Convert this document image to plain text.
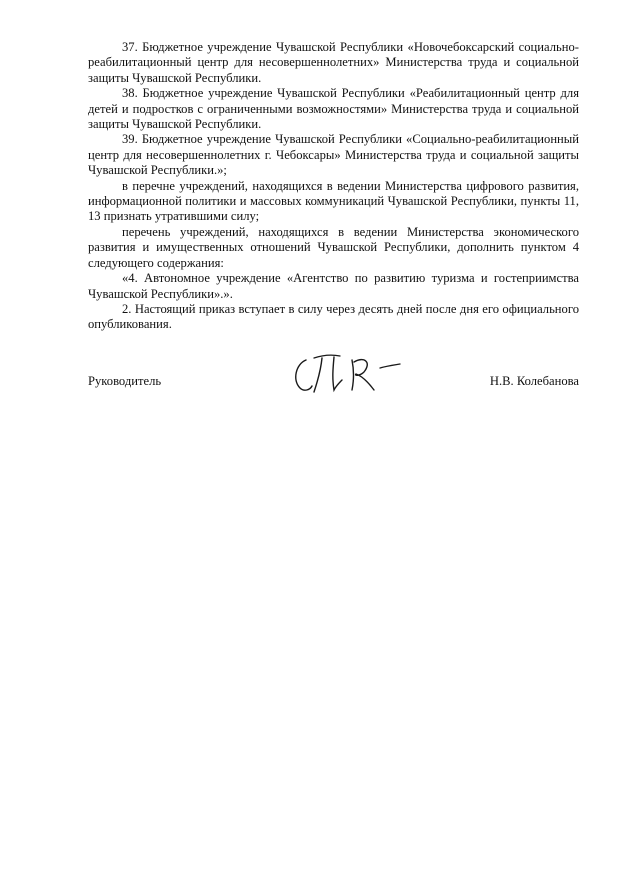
37. Бюджетное учреждение Чувашской Республики «Новочебоксарский социально-реабилитационный центр для несовершеннолетних» Министерства труда и социальной защиты Чувашской Республики.

38. Бюджетное учреждение Чувашской Республики «Реабилитационный центр для детей и подростков с ограниченными возможностями» Министерства труда и социальной защиты Чувашской Республики.

39. Бюджетное учреждение Чувашской Республики «Социально-реабилитационный центр для несовершеннолетних г. Чебоксары» Министерства труда и социальной защиты Чувашской Республики.»;

в перечне учреждений, находящихся в ведении Министерства цифрового развития, информационной политики и массовых коммуникаций Чувашской Республики, пункты 11, 13 признать утратившими силу;

перечень учреждений, находящихся в ведении Министерства экономического развития и имущественных отношений Чувашской Республики, дополнить пунктом 4 следующего содержания:

«4. Автономное учреждение «Агентство по развитию туризма и гостеприимства Чувашской Республики».».

2. Настоящий приказ вступает в силу через десять дней после дня его официального опубликования.

Руководитель	Н.В. Колебанова
